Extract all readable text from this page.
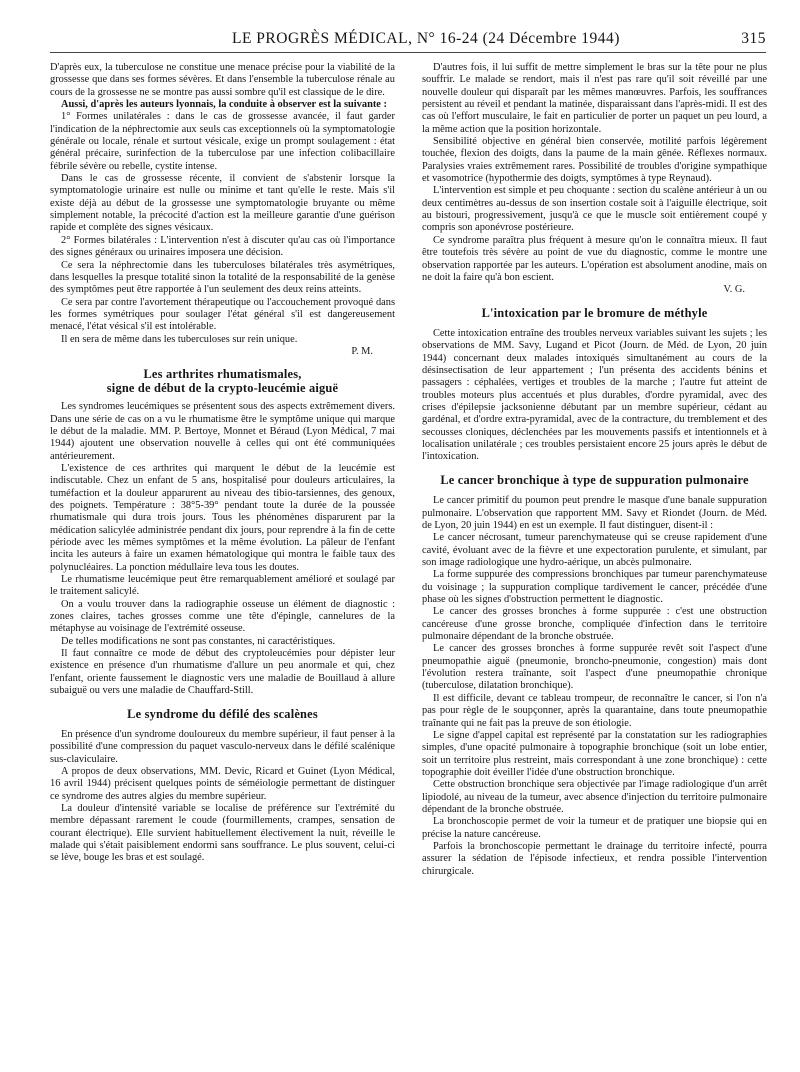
LE PROGRÈS MÉDICAL, N° 16-24 (24 Décembre 1944)	315

D'après eux, la tuberculose ne constitue une menace précise pour la viabilité de la grossesse que dans ses formes sévères. Et dans l'ensemble la tuberculose rénale au cours de la grossesse ne se montre pas aussi sombre qu'il est classique de le dire.

Aussi, d'après les auteurs lyonnais, la conduite à observer est la suivante :

1° Formes unilatérales : dans le cas de grossesse avancée, il faut garder l'indication de la néphrectomie aux seuls cas exceptionnels où la symptomatologie générale ou locale, rénale et surtout vésicale, exige un prompt soulagement : état général précaire, surinfection de la tuberculose par une infection colibacillaire fébrile sévère ou rebelle, cystite intense.

Dans le cas de grossesse récente, il convient de s'abstenir lorsque la symptomatologie urinaire est nulle ou minime et tant qu'elle le reste. Mais s'il existe déjà au début de la grossesse une symptomatologie bruyante ou même simplement notable, la précocité d'action est la meilleure garantie d'une guérison rapide et complète des signes vésicaux.

2° Formes bilatérales : L'intervention n'est à discuter qu'au cas où l'importance des signes généraux ou urinaires imposera une décision.

Ce sera la néphrectomie dans les tuberculoses bilatérales très asymétriques, dans lesquelles la presque totalité sinon la totalité de la responsabilité de la genèse des symptômes peut être rapportée à l'un seulement des deux reins atteints.

Ce sera par contre l'avortement thérapeutique ou l'accouchement provoqué dans les formes symétriques pour soulager l'état général s'il est dangereusement menacé, l'état vésical s'il est intolérable.

Il en sera de même dans les tuberculoses sur rein unique.

P. M.

Les arthrites rhumatismales,
signe de début de la crypto-leucémie aiguë

Les syndromes leucémiques se présentent sous des aspects extrêmement divers. Dans une série de cas on a vu le rhumatisme être le symptôme unique qui marque le début de la maladie. MM. P. Bertoye, Monnet et Béraud (Lyon Médical, 7 mai 1944) ajoutent une observation nouvelle à celles qui ont été communiquées antérieurement.

L'existence de ces arthrites qui marquent le début de la leucémie est indiscutable. Chez un enfant de 5 ans, hospitalisé pour douleurs articulaires, la tuméfaction et la douleur apparurent au niveau des tibio-tarsiennes, des genoux, des poignets. Température : 38°5-39° pendant toute la durée de la poussée rhumatismale qui dura trois jours. Tous les phénomènes disparurent par la médication salicylée administrée pendant dix jours, pour reprendre à la fin de cette période avec les mêmes symptômes et la même évolution. La pâleur de l'enfant incita les auteurs à faire un examen hématologique qui montra le faible taux des polynucléaires. La ponction médullaire leva tous les doutes.

Le rhumatisme leucémique peut être remarquablement amélioré et soulagé par le traitement salicylé.

On a voulu trouver dans la radiographie osseuse un élément de diagnostic : zones claires, taches grosses comme une tête d'épingle, cannelures de la métaphyse au voisinage de l'extrémité osseuse.

De telles modifications ne sont pas constantes, ni caractéristiques.

Il faut connaître ce mode de début des cryptoleucémies pour dépister leur existence en présence d'un rhumatisme d'allure un peu anormale et qui, chez l'enfant, oriente faussement le diagnostic vers une maladie de Bouillaud à allure subaiguë ou vers une maladie de Chauffard-Still.

Le syndrome du défilé des scalènes

En présence d'un syndrome douloureux du membre supérieur, il faut penser à la possibilité d'une compression du paquet vasculo-nerveux dans le défilé scalénique sus-claviculaire.

A propos de deux observations, MM. Devic, Ricard et Guinet (Lyon Médical, 16 avril 1944) précisent quelques points de séméiologie permettant de distinguer ce syndrome des autres algies du membre supérieur.

La douleur d'intensité variable se localise de préférence sur l'extrémité du membre dépassant rarement le coude (fourmillements, crampes, sensation de courant électrique). Elle survient habituellement électivement la nuit, réveille le malade qui s'était paisiblement endormi sans souffrance. Le plus souvent, celui-ci se lève, bouge les bras et est soulagé.

D'autres fois, il lui suffit de mettre simplement le bras sur la tête pour ne plus souffrir. Le malade se rendort, mais il n'est pas rare qu'il soit réveillé par une nouvelle douleur qui disparaît par les mêmes manœuvres. Parfois, les souffrances persistent au réveil et pendant la matinée, disparaissant dans l'après-midi. Il est des cas où l'effort musculaire, le fait en particulier de porter un paquet un peu lourd, a la même action que la position horizontale.

Sensibilité objective en général bien conservée, motilité parfois légèrement touchée, flexion des doigts, dans la paume de la main gênée. Réflexes normaux. Paralysies vraies extrêmement rares. Possibilité de troubles d'origine sympathique et vasomotrice (hypothermie des doigts, symptômes à type Reynaud).

L'intervention est simple et peu choquante : section du scalène antérieur à un ou deux centimètres au-dessus de son insertion costale soit à l'aiguille électrique, soit au bistouri, progressivement, jusqu'à ce que le muscle soit entièrement coupé y compris son aponévrose postérieure.

Ce syndrome paraîtra plus fréquent à mesure qu'on le connaîtra mieux. Il faut être toutefois très sévère au point de vue du diagnostic, comme le montre une observation rapportée par les auteurs. L'opération est absolument anodine, mais on ne doit la faire qu'à bon escient.

V. G.

L'intoxication par le bromure de méthyle

Cette intoxication entraîne des troubles nerveux variables suivant les sujets ; les observations de MM. Savy, Lugand et Picot (Journ. de Méd. de Lyon, 20 juin 1944) concernant deux malades intoxiqués simultanément au cours de la désinsectisation de leur appartement ; l'un présenta des accidents bénins et passagers : céphalées, vertiges et troubles de la marche ; l'autre fut atteint de troubles moteurs plus accentués et plus durables, d'ordre pyramidal, avec des crises d'épilepsie jacksonienne débutant par un membre supérieur, cédant au gardénal, et d'ordre extra-pyramidal, avec de la contracture, du tremblement et des secousses cloniques, déclenchées par les mouvements passifs et intentionnels et à localisation unilatérale ; ces troubles persistaient encore 25 jours après le début de l'intoxication.

Le cancer bronchique à type de suppuration pulmonaire

Le cancer primitif du poumon peut prendre le masque d'une banale suppuration pulmonaire. L'observation que rapportent MM. Savy et Riondet (Journ. de Méd. de Lyon, 20 juin 1944) en est un exemple. Il faut distinguer, disent-il :

Le cancer nécrosant, tumeur parenchymateuse qui se creuse rapidement d'une cavité, évoluant avec de la fièvre et une expectoration purulente, et simulant, par son image radiologique une hydro-aérique, un abcès pulmonaire.

La forme suppurée des compressions bronchiques par tumeur parenchymateuse du voisinage ; la suppuration complique tardivement le cancer, précédée d'une phase où les signes d'obstruction permettent le diagnostic.

Le cancer des grosses bronches à forme suppurée : c'est une obstruction cancéreuse d'une grosse bronche, compliquée d'infection dans le territoire pulmonaire dépendant de la bronche obstruée.

Le cancer des grosses bronches à forme suppurée revêt soit l'aspect d'une pneumopathie aiguë (pneumonie, broncho-pneumonie, congestion) mais dont l'évolution restera traînante, soit l'aspect d'une pneumopathie chronique (tuberculose, dilatation bronchique).

Il est difficile, devant ce tableau trompeur, de reconnaître le cancer, si l'on n'a pas pour règle de le soupçonner, après la quarantaine, dans toute pneumopathie traînante qui ne fait pas la preuve de son étiologie.

Le signe d'appel capital est représenté par la constatation sur les radiographies simples, d'une opacité pulmonaire à topographie bronchique (soit un lobe entier, soit un territoire plus restreint, mais correspondant à une zone bronchique) : cette topographie doit éveiller l'idée d'une obstruction bronchique.

Cette obstruction bronchique sera objectivée par l'image radiologique d'un arrêt lipiodolé, au niveau de la tumeur, avec absence d'injection du territoire pulmonaire dépendant de la bronche obstruée.

La bronchoscopie permet de voir la tumeur et de pratiquer une biopsie qui en précise la nature cancéreuse.

Parfois la bronchoscopie permettant le drainage du territoire infecté, pourra assurer la sédation de l'épisode infectieux, et rendra possible l'intervention chirurgicale.
